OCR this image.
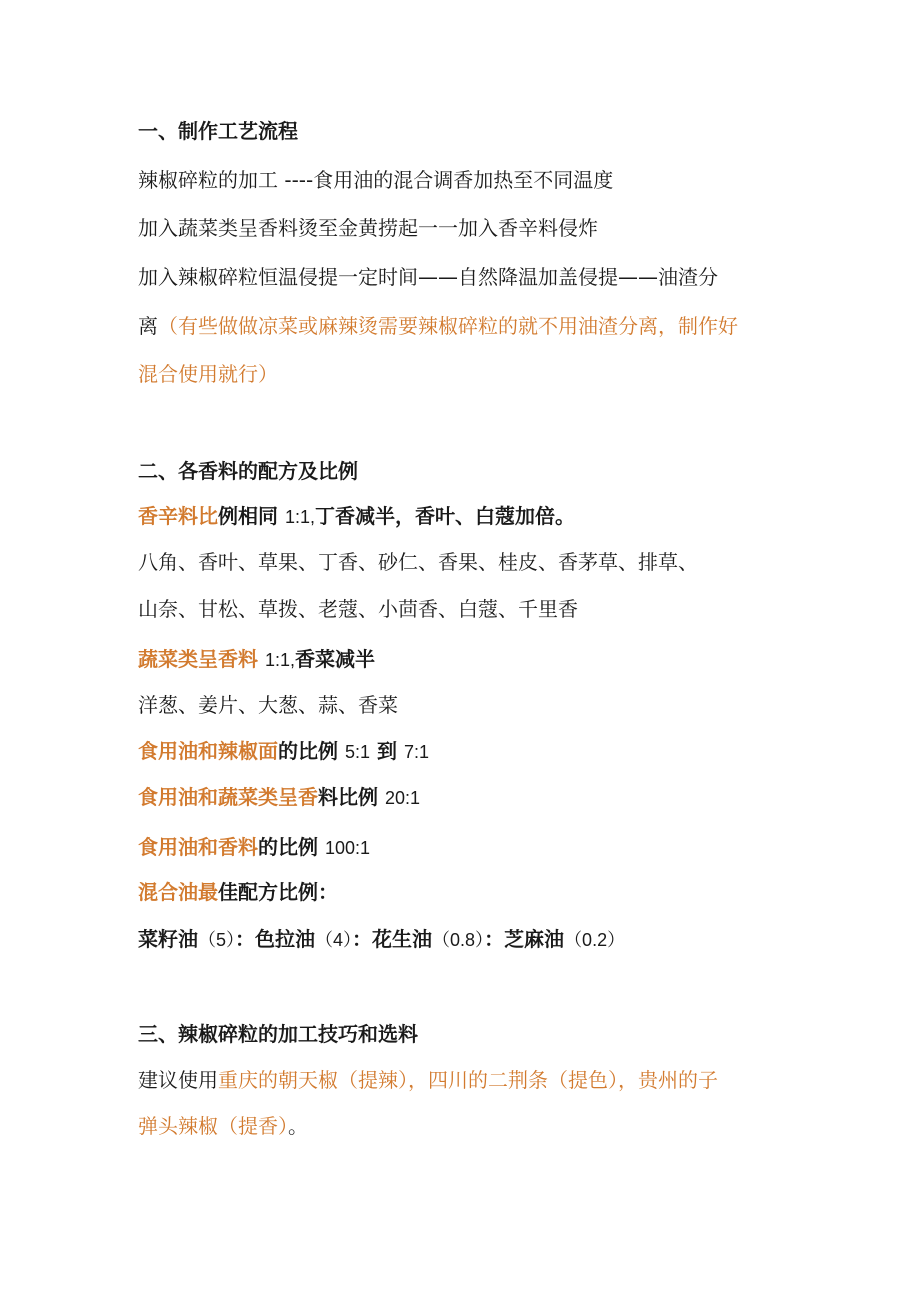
一、制作工艺流程

辣椒碎粒的加工 ----食用油的混合调香加热至不同温度

加入蔬菜类呈香料烫至金黄捞起一一加入香辛料侵炸

加入辣椒碎粒恒温侵提一定时间——自然降温加盖侵提——油渣分

离（有些做做凉菜或麻辣烫需要辣椒碎粒的就不用油渣分离，制作好

混合使用就行）

二、各香料的配方及比例

香辛料比例相同 1:1,丁香减半，香叶、白蔻加倍。

八角、香叶、草果、丁香、砂仁、香果、桂皮、香茅草、排草、

山奈、甘松、草拨、老蔻、小茴香、白蔻、千里香

蔬菜类呈香料 1:1,香菜减半

洋葱、姜片、大葱、蒜、香菜

食用油和辣椒面的比例 5:1 到 7:1

食用油和蔬菜类呈香料比例 20:1

食用油和香料的比例 100:1

混合油最佳配方比例：

菜籽油（5）：色拉油（4）：花生油（0.8）：芝麻油（0.2）

三、辣椒碎粒的加工技巧和选料

建议使用重庆的朝天椒（提辣），四川的二荆条（提色），贵州的子

弹头辣椒（提香）。
